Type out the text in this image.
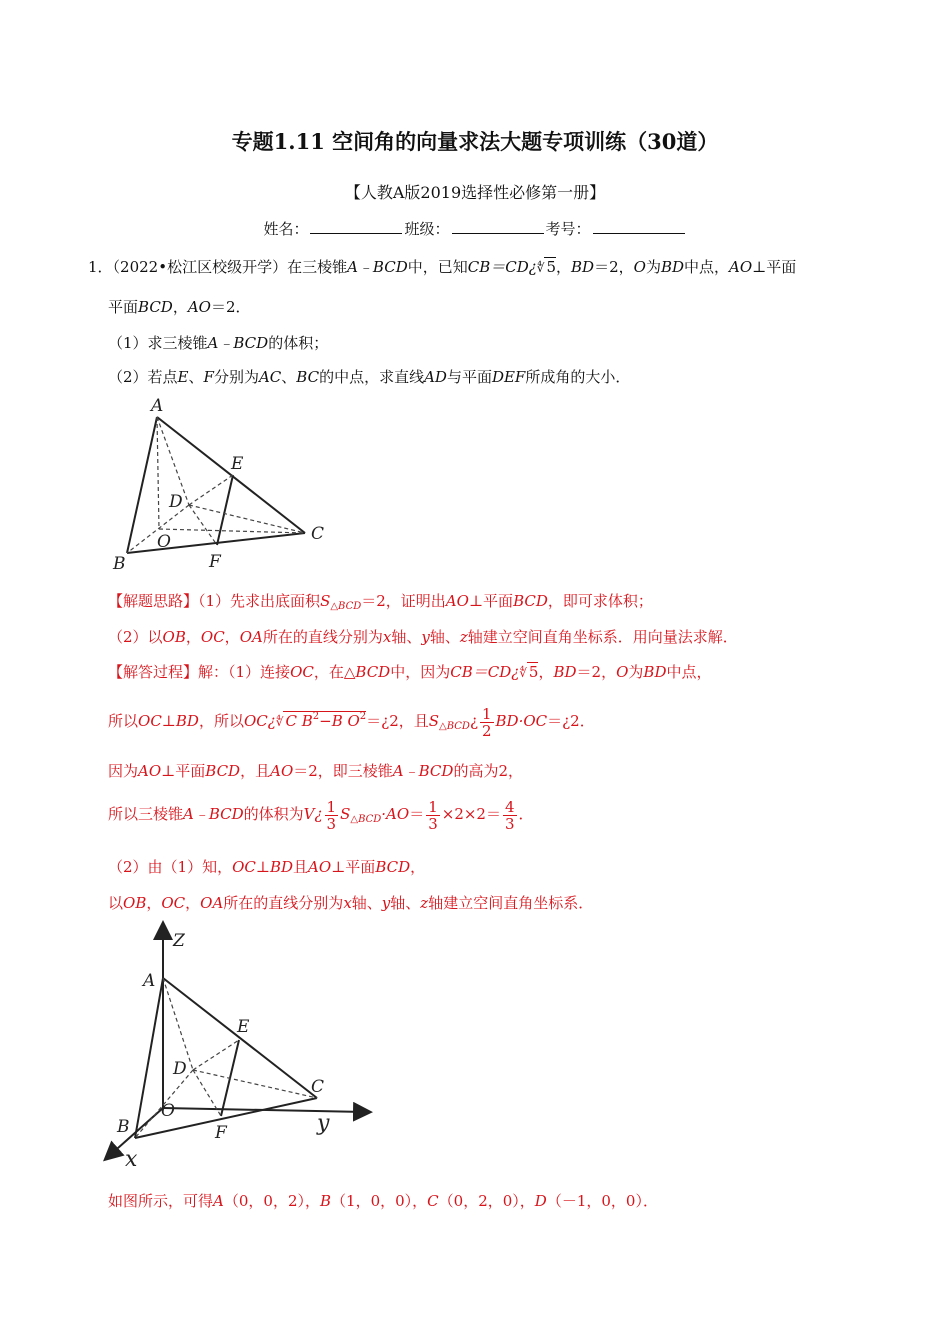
专题1.11 空间角的向量求法大题专项训练（30道）
【人教A版2019选择性必修第一册】
姓名：	班级：	考号：
1．（2022•松江区校级开学）在三棱锥A﹣BCD中，已知CB＝CD¿∜ 5，BD＝2，O为BD中点，AO⊥平面
平面BCD，AO＝2．
（1）求三棱锥A﹣BCD的体积；
（2）若点E、F分别为AC、BC的中点，求直线AD与平面DEF所成角的大小．
A
B
C
D
E
F
O
【解题思路】（1）先求出底面积$S_{\triangle BCD}=2$，证明出AO⊥平面BCD，即可求体积；
（2）以OB，OC，OA所在的直线分别为x轴、y轴、z轴建立空间直角坐标系．用向量法求解．
【解答过程】解：（1）连接OC，在△BCD中，因为CB＝CD¿∜ 5，BD＝2，O为BD中点，
所以OC⊥BD，所以OC¿∜ C $B^2-B$ $O^2=¿2$，且$S_{\triangle BCD}¿ \frac{1}{2}$ BD·OC＝¿2．
因为AO⊥平面BCD，且AO＝2，即三棱锥A﹣BCD的高为2，
所以三棱锥A﹣BCD的体积为V¿ $\frac{1}{3} S_{\triangle BCD}\cdot AO= \frac{1}{3} \times 2\times 2= \frac{4}{3}$ ．
（2）由（1）知，OC⊥BD且AO⊥平面BCD，
以OB，OC，OA所在的直线分别为x轴、y轴、z轴建立空间直角坐标系．
Z
A
B
C
D
E
F
O	y
x
如图所示，可得A（0，0，2），B（1，0，0），C（0，2，0），D（－1，0，0）．
